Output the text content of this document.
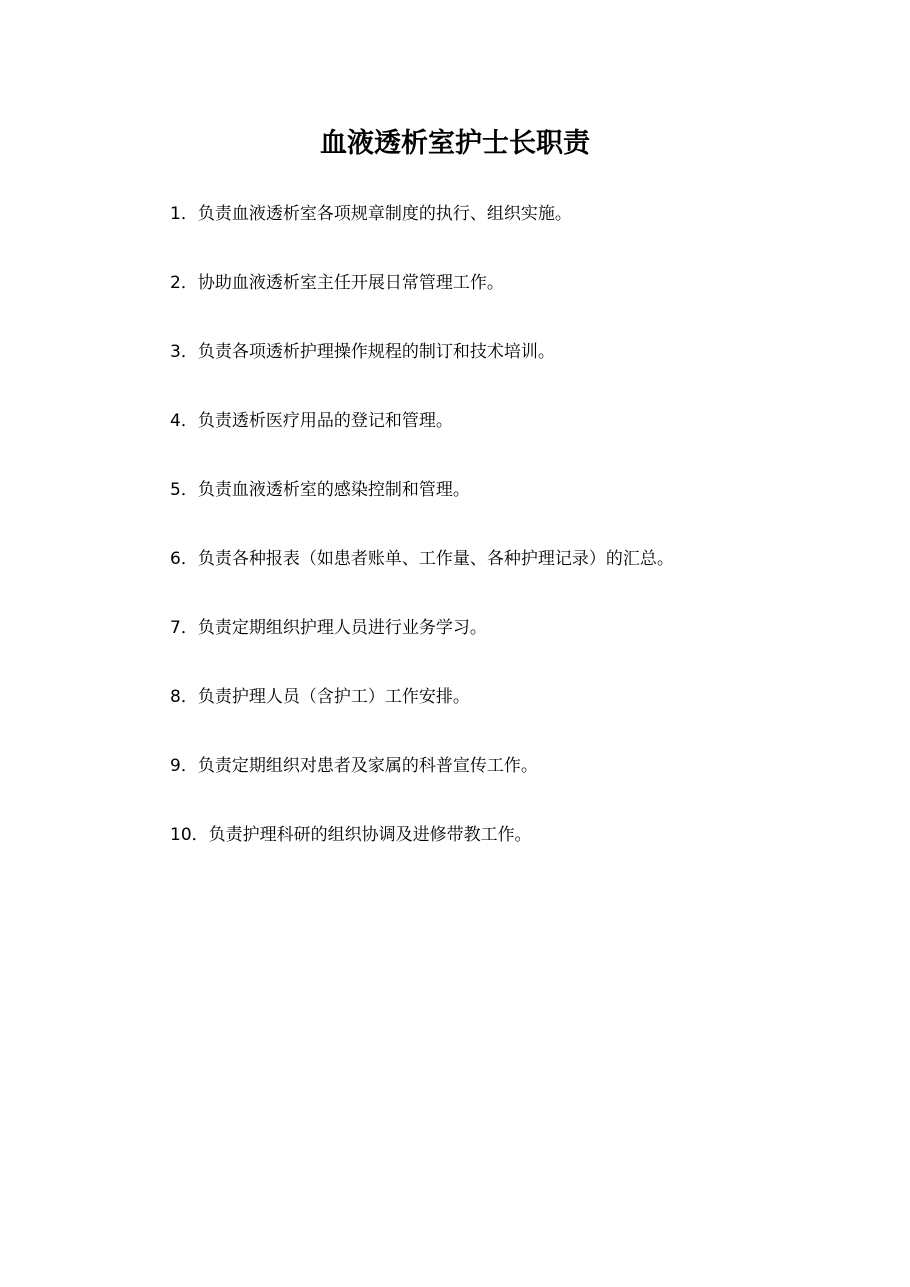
血液透析室护士长职责
1．负责血液透析室各项规章制度的执行、组织实施。
2．协助血液透析室主任开展日常管理工作。
3．负责各项透析护理操作规程的制订和技术培训。
4．负责透析医疗用品的登记和管理。
5．负责血液透析室的感染控制和管理。
6．负责各种报表（如患者账单、工作量、各种护理记录）的汇总。
7．负责定期组织护理人员进行业务学习。
8．负责护理人员（含护工）工作安排。
9．负责定期组织对患者及家属的科普宣传工作。
10．负责护理科研的组织协调及进修带教工作。
